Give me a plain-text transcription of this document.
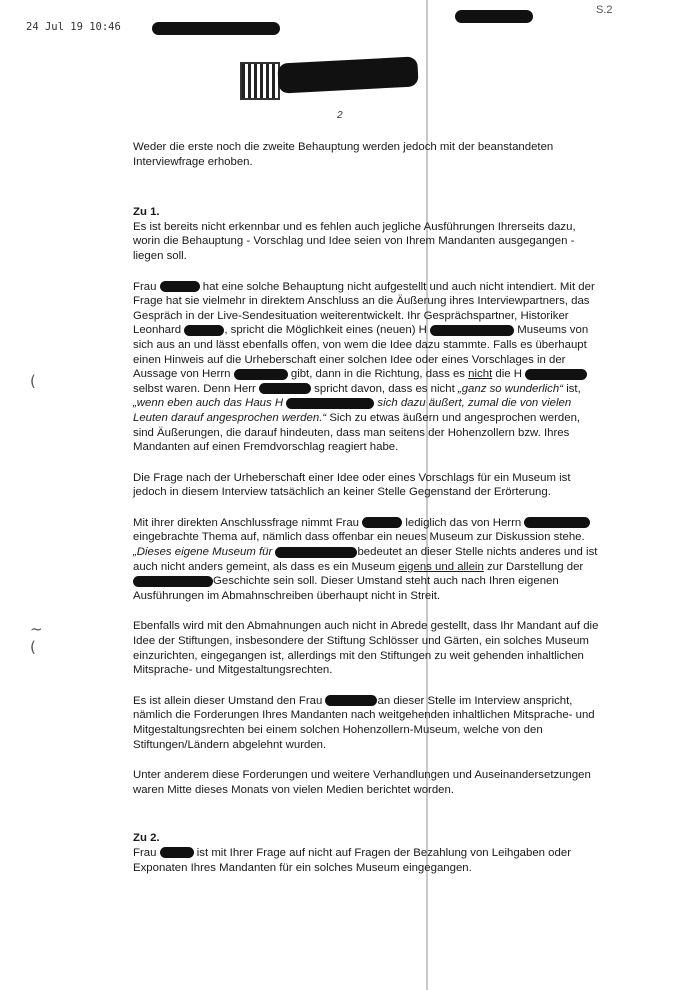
24 Jul 19 10:46
S.2
2
(
~
(

Weder die erste noch die zweite Behauptung werden jedoch mit der beanstandeten Interviewfrage erhoben.

Zu 1.
Es ist bereits nicht erkennbar und es fehlen auch jegliche Ausführungen Ihrerseits dazu, worin die Behauptung - Vorschlag und Idee seien von Ihrem Mandanten ausgegangen - liegen soll.

Frau	hat eine solche Behauptung nicht aufgestellt und auch nicht intendiert. Mit der Frage hat sie vielmehr in direktem Anschluss an die Äußerung ihres Interviewpartners, das Gespräch in der Live-Sendesituation weiterentwickelt. Ihr Gesprächspartner, Historiker Leonhard	, spricht die Möglichkeit eines (neuen) H	Museums von sich aus an und lässt ebenfalls offen, von wem die Idee dazu stammte. Falls es überhaupt einen Hinweis auf die Urheberschaft einer solchen Idee oder eines Vorschlages in der Aussage von Herrn	gibt, dann in die Richtung, dass es nicht die H  selbst waren. Denn Herr	spricht davon, dass es nicht „ganz so wunderlich“ ist, „wenn eben auch das Haus H	sich dazu äußert, zumal die von vielen Leuten darauf angesprochen werden.“ Sich zu etwas äußern und angesprochen werden, sind Äußerungen, die darauf hindeuten, dass man seitens der Hohenzollern bzw. Ihres Mandanten auf einen Fremdvorschlag reagiert habe.

Die Frage nach der Urheberschaft einer Idee oder eines Vorschlags für ein Museum ist jedoch in diesem Interview tatsächlich an keiner Stelle Gegenstand der Erörterung.

Mit ihrer direkten Anschlussfrage nimmt Frau	lediglich das von Herrn eingebrachte Thema auf, nämlich dass offenbar ein neues Museum zur Diskussion stehe. „Dieses eigene Museum für	bedeutet an dieser Stelle nichts anderes und ist auch nicht anders gemeint, als dass es ein Museum eigens und allein zur Darstellung der Geschichte sein soll. Dieser Umstand steht auch nach Ihren eigenen Ausführungen im Abmahnschreiben überhaupt nicht in Streit.

Ebenfalls wird mit den Abmahnungen auch nicht in Abrede gestellt, dass Ihr Mandant auf die Idee der Stiftungen, insbesondere der Stiftung Schlösser und Gärten, ein solches Museum einzurichten, eingegangen ist, allerdings mit den Stiftungen zu weit gehenden inhaltlichen Mitsprache- und Mitgestaltungsrechten.

Es ist allein dieser Umstand den Frau	an dieser Stelle im Interview anspricht, nämlich die Forderungen Ihres Mandanten nach weitgehenden inhaltlichen Mitsprache- und Mitgestaltungsrechten bei einem solchen Hohenzollern-Museum, welche von den Stiftungen/Ländern abgelehnt wurden.

Unter anderem diese Forderungen und weitere Verhandlungen und Auseinandersetzungen waren Mitte dieses Monats von vielen Medien berichtet worden.

Zu 2.
Frau	ist mit Ihrer Frage auf nicht auf Fragen der Bezahlung von Leihgaben oder Exponaten Ihres Mandanten für ein solches Museum eingegangen.
